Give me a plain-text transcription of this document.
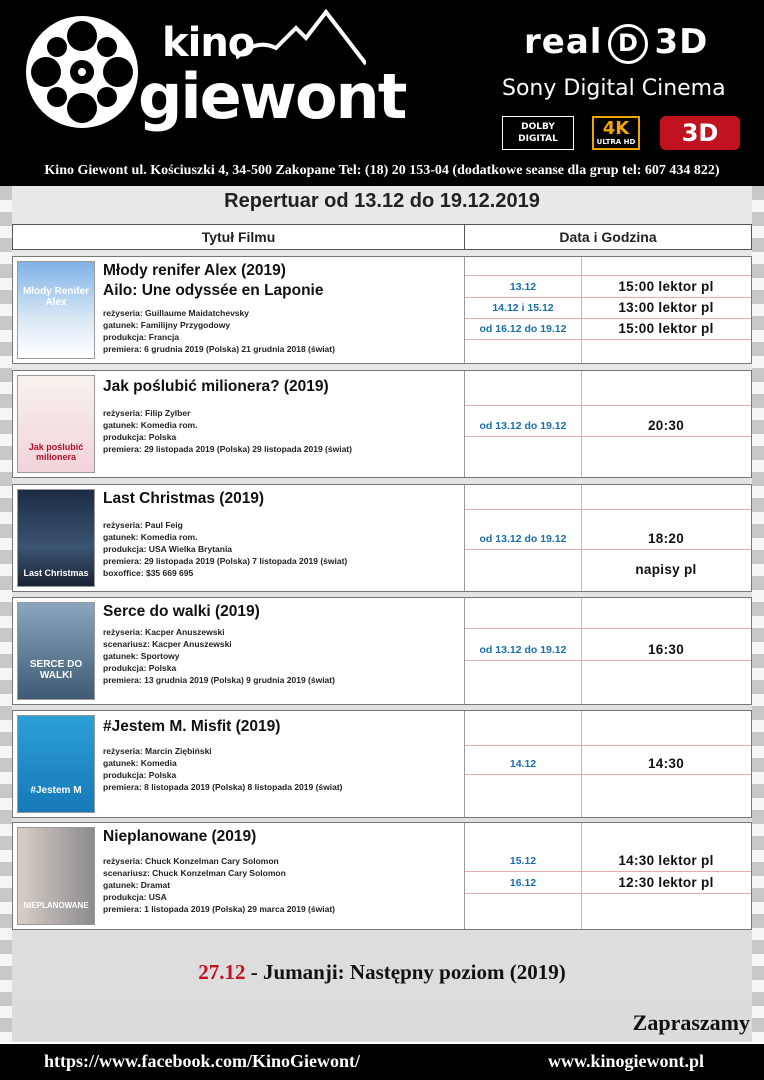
kino
giewont
real D 3D
Sony Digital Cinema
DOLBY
DIGITAL	4K
ULTRA HD	3D
Kino Giewont ul. Kościuszki 4, 34-500 Zakopane Tel: (18) 20 153-04 (dodatkowe seanse dla grup tel: 607 434 822)
Repertuar od 13.12 do 19.12.2019
Tytuł Filmu	Data i Godzina
Młody Renifer Alex
Młody renifer Alex (2019)
Ailo: Une odyssée en Laponie
reżyseria: Guillaume Maidatchevsky
gatunek: Familijny Przygodowy
produkcja: Francja
premiera: 6 grudnia 2019 (Polska) 21 grudnia 2018 (świat)
13.12	15:00 lektor pl
14.12 i 15.12	13:00 lektor pl
od 16.12 do 19.12	15:00 lektor pl
Jak poślubić milionera
Jak poślubić milionera? (2019)
reżyseria: Filip Zylber
gatunek: Komedia rom.
produkcja: Polska
premiera: 29 listopada 2019 (Polska) 29 listopada 2019 (świat)
od 13.12 do 19.12	20:30
Last Christmas
Last Christmas (2019)
reżyseria: Paul Feig
gatunek: Komedia rom.
produkcja: USA Wielka Brytania
premiera: 29 listopada 2019 (Polska) 7 listopada 2019 (świat)
boxoffice: $35 669 695
od 13.12 do 19.12	18:20
napisy pl
SERCE DO WALKI
Serce do walki (2019)
reżyseria: Kacper Anuszewski
scenariusz: Kacper Anuszewski
gatunek: Sportowy
produkcja: Polska
premiera: 13 grudnia 2019 (Polska) 9 grudnia 2019 (świat)
od 13.12 do 19.12	16:30
#Jestem M
#Jestem M. Misfit (2019)
reżyseria: Marcin Ziębiński
gatunek: Komedia
produkcja: Polska
premiera: 8 listopada 2019 (Polska) 8 listopada 2019 (świat)
14.12	14:30
NIEPLANOWANE
Nieplanowane (2019)
reżyseria: Chuck Konzelman Cary Solomon
scenariusz: Chuck Konzelman Cary Solomon
gatunek: Dramat
produkcja: USA
premiera: 1 listopada 2019 (Polska) 29 marca 2019 (świat)
15.12	14:30 lektor pl
16.12	12:30 lektor pl
27.12 - Jumanji: Następny poziom (2019)
Zapraszamy
https://www.facebook.com/KinoGiewont/	www.kinogiewont.pl
